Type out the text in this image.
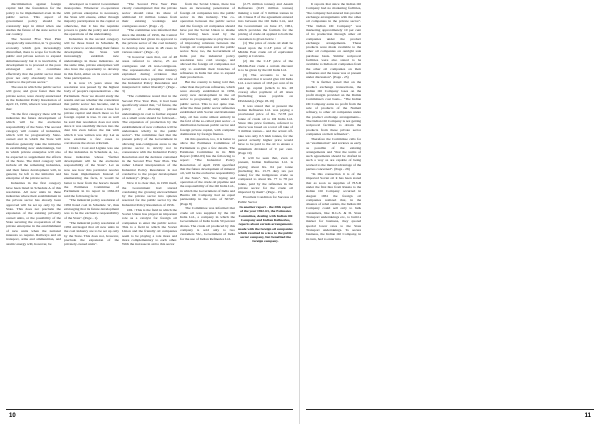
discrimination against foreign capital laid the foundation for the policy to be implemented even in the public sector. This aspect of government policy should be constantly kept in mind when one studies the future of the state sector in our country.

The Second Five Year Plan categorically stated that, in "a growing economy which gets increasingly diversified, there is scope for both the public and private sectors to expand simultaneously but it is inevitable, if development is to proceed at the pace envisaged and to contribute effectively that the public sector must grow not only absolutely but also relative to the private sector."

The area in which the public sector will grow, and grow faster than the private sector, were clearly enunciated in the Industrial Policy Resolution of April 13, 1956, where it was promised that:

"In the first category there will be industries the future development of which will be the exclusive responsibility of the State. The second category will consist of industries, which will be progressively State-owned and in which the State will therefore generally take the initiative in establishing new undertakings, but in which private enterprise will also be expected to supplement the efforts of the State. The third category will include all the remaining industries, and their future development will, in general, be left to the initiative and enterprise of the private sector.

Industries in the first category have been listed in Schedule A of this resolution. All new units in these industries where their establishment in the private sector has already been approved will be set up only by the State. This does not preclude the expansion of the existing privately owned units, or the possibility of the State securing the cooperation of the private enterprise in the establishment of new units when the national interests so require. Railways and air transport, arms and ammunition, and atomic energy will, however, be

developed as Central Government monopolies. Whenever co-operation with private enterprise is necessary, the State will ensure, either through majority participation in the capital or otherwise, that it has the requisite powers to guide the policy and control the operations of the undertaking.

Industries in the second category will be those listed in Schedule B, with a view to accelerating their future development, the State will increasingly establish new undertakings in these industries. At the same time, private enterprises will also have the opportunity to develop in this field, either on its own or with State participation.

It is now 15 years since the resolution was passed by the highest body of people's representatives - the Parliament. Now we should study the results and see whether the contention that public sector has become, and is becoming, more and more a base for private capital and much more so for foreign capital is true. It can as well be said that resolution does not stick since it was stealthily thrown into the dust bin even before the ink with which it was written was dry. Let us now examine a few cases to corroborate the above criticism.

COAL : Coal and Lignite was one of the industries in Schedule A, i.e., those industries whose "further development will be the exclusive responsibility of the State". Let us now see how this particular resolve has been implemented. Instead of enumerating the facts, it would be better to hear from the horse's mouth the Estimates Committee of Parliament in its report in 1962-63 said the following facts:

"The industrial policy resolution of 1956 listed coal in Schedule 'A', thus envisaging that its future development was to be the exclusive responsibility of the State". (Page - 1).

"The industrial policy resolution of 1956 envisaged that all new units in the coal industry are to be set up only by the State. This does not, however, preclude the expansion of the privately-owned units".

"The Second Five Year Plan clearly contemplated that the private sector should raise its share of additional 10 million tonnes from their existing workings and contiguous areas". (Page - 2).

"The committee was informed that since the middle of 1956, the Central Government had given its approval to the private sector of the coal industry to develop new areas in 48 cases in various states". (Page - 2)

"It however seen that, out of 48 areas referred to above, 25 are contiguous and 24 non-contiguous. The representative of the ministry explained during evidence that Government took a pragmatic view of the Industrial Policy Resolution and interpreted it rather liberally". (Page - 3)

"The committee noted that in the Second Five Year Plan, it had been specifically stated that, "of future, the policy of allowing private undertakings in coal to further expand on a small scale should be followed... The expansion of production by the establishment of new collieries will be undertaken wholly in the public sector". The committee feel that the present policy of the Government in allowing non-contiguous areas to the private sector is strictly not in consonance with the Industrial Policy Resolution and the decision contained in the Second Five Year Plan. The rather Liberal interpretation of the Industrial Policy Resolution is not conducive to the proper development of industry". (Page - 3)

Now it is clear that, in 1956 itself, the Government had started condoning the growing encroachment by the private sector into spheres reserved for the public sector by the Industrial Policy Resolution of 1956.

OIL : This is the field in which the Soviet Union has played an important role as a catalyst for foreign oil companies to enter the public sector. This is a field in which the Soviet Union and the friendly oil companies seem to be playing a role more and more complementary to each other. With the increase in aid to this sector

from the Soviet Union, there has been an increasing penetration of foreign oil companies into the public sector in this industry. The co-operation between the public sector and the foreign oil companies should have put the Soviet Union to shame for having been used by the comprador bourgeoisie to play the role of improving relations between the foreign oil companies and the public sector. Now, too, the Government of India put the industrial policy resolution into cold storage, and allowed the foreign oil companies not only to establish their branches of refineries in India but also to expand their production.

But the country is being told that, other than the private refineries, which were already established in 1956, every new development in the oil sector is progressing only under the public sector. This is not quite true. After the three public sector refineries established with Soviet and Romanian help, oil has come almost entirely in the fold of the so-called joint sector - a distribution between public sector and foreign private capital, with complete domination by foreign finance.

On this question, too, it is better to allow the Estimates Committee of Parliament to give a few details. The Estimates Committee in its 80th Report (1962-63) has the following to report: "The Industrial Policy Resolution of April 1956 specified that the future development of mineral oil, will be the exclusive responsibility of the State". Yet, "the laying and operation of the crude oil pipeline and the responsibility of the Oil India Ltd., in which the Government of India and Burma Oil Company had an equal partnership in the ratio of 50:50". (Page 8)

The Committee was informed that crude oil was supplied by the Oil India Ltd., a company in which the Government of India holds 50 percent shares. The crude oil produced by this company is sold only to two customers Viz., Government of India for the use of Indian Refineries Ltd.

(2.75 million tonnes) and Assam Refineries (0.25 million tonnes) making a total of 3 million tonnes in all. Clause 8 of the agreement entered into between the Oil India Ltd., and the Government on June 27, 1961, which provides the formula for the pricing of crude oil applied to both the customers is given below :

(1) The price of crude oil shall be based upon the C.I.F price of the Middle East crude oil of equivalent quality at Calcutta.

(2) On the C.I.F price of the Middle-East crude a certain discount is to be given by the Oil India Ltd.

(3) The accounts to be so calculated that it would give Oil India Ltd. a net return of 10.8 per cent of its paid up capital (which is Rs. 28 crores) after payment of all taxes (including taxes payable on Dividends). (Page 18-19)

It was stated that at present the Indian Refineries Ltd. was paying a provisional price of Rs. 72.78 per tonne of crude oil to Oil India Ltd. Since this price formula, referred to above was based on a total off take of 3 million tonnes... and the actual off-take was only 0.5 lakh tonnes, for the period actually higher price would have to be paid to the oil to ensure a minimum dividend of 9 per cent. (Page 19)

It will be seen that, even at present, Indian Refineries Ltd. is paying about Rs. 64 per tonne (including Rs. 13.75 duty tax per tonne) for the indigenous crude as compared to about Rs. 77 to 78 per tonne, paid by the refineries in the private sector for the crude oil imported by them". (Page - 15)

Excellent Condition for Success of Public Sector

In another report - the 28th report of the year 1962-63, the Estimates Committee, dealing with Indian Oil Company and Indian Refineries, reports about certain arrangements made with the foreign oil companies which resulted in a loss to the public sector company, but benefited the foreign company.

10

It reports that since the Indian Oil Company had no marketing facilities, "the company had entered into product exchange arrangements with the other oil companies in the private sector". "The Indian Oil Company" was marketing approximately 10 per cent of its production through other oil companies under the product exchange arrangements. These products were made available to the other oil companies on outright sale purchase basis. Similar reciprocal facilities were also stated to be available to Indian oil companies from the other oil companies on their refineries and the issue was at present under discussion". (Page - 25)

"It is further stated that on the product exchange transactions, the Indian Oil Company loses on the profit margin provided on the Damle Committee's cost basis... "The Indian Oil Company earns no profit from the sale of products of the Numati refinery, to other oil companies under the product exchange arrangements... The Indian Oil Company is not getting reciprocal facilities to obtain the products from these private sector companies on their refineries".

Therefore the Committee calls for an "examination" and reviews as early as possible of the existing arrangements and "that the terms of such agreements should be drafted in such a way as are capable of being worked to the mutual advantage of the parties concerned". (Page - 26)

"In this connection it is of the imported Soviet oil it has been stated that as soon as supplies of H.S.D under the first hire from Russia to the Indian Oil Company occurred in August 1961 the foreign oil companies realized that, in the absence of rebel outlets, the Indian Oil Company could sell only to bulk consumers, like D.G.S. & D. State Transport undertakings etc., to build a market for business, they quoted special lower rates to the State Transport undertakings. To secure business, the Indian Oil Company, in its turn, had to enter into

11
